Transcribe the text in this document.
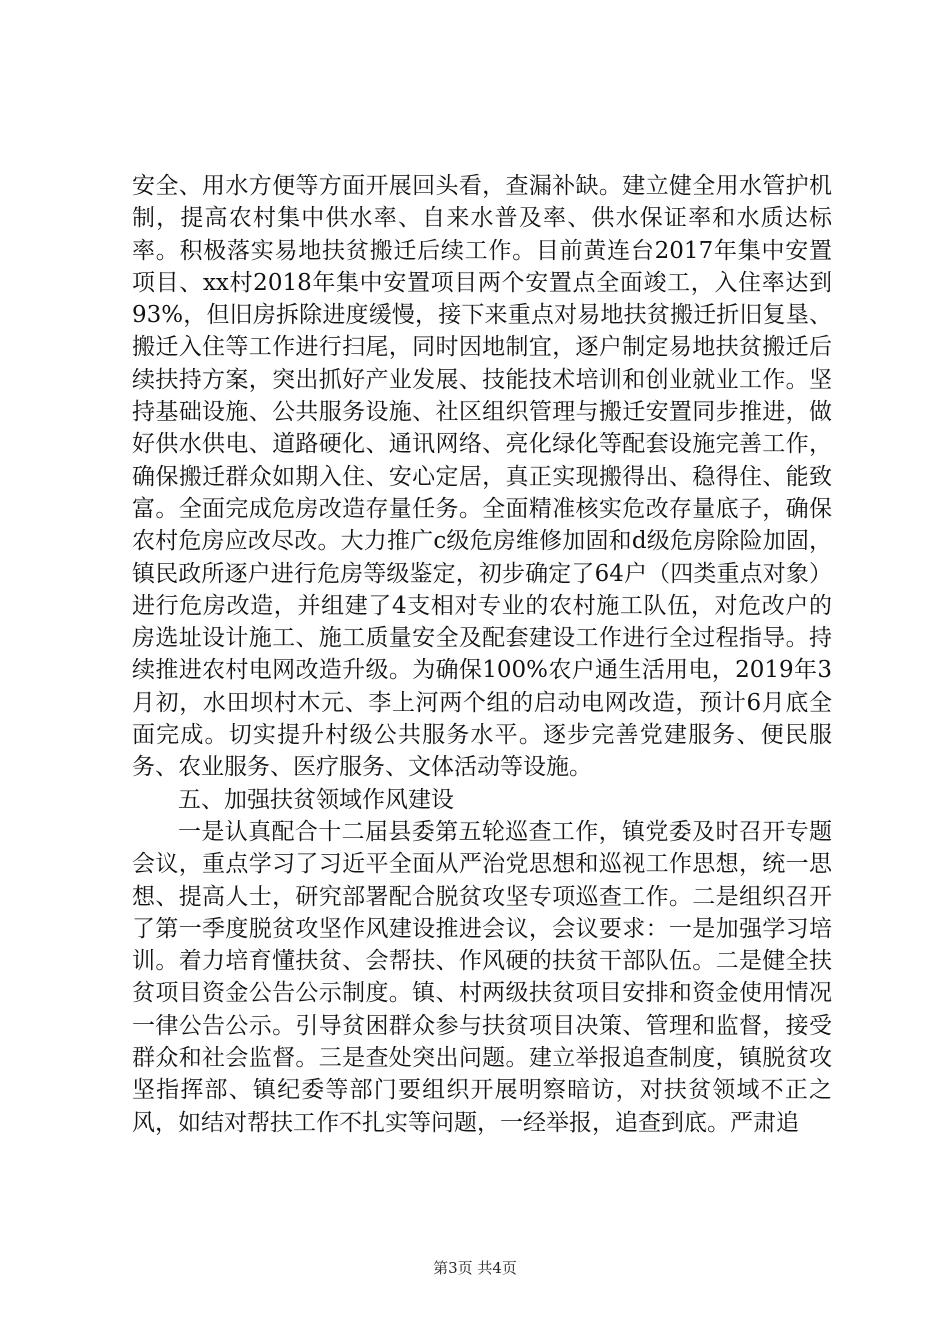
安全、用水方便等方面开展回头看，查漏补缺。建立健全用水管护机制，提高农村集中供水率、自来水普及率、供水保证率和水质达标率。积极落实易地扶贫搬迁后续工作。目前黄连台2017年集中安置项目、xx村2018年集中安置项目两个安置点全面竣工，入住率达到93%，但旧房拆除进度缓慢，接下来重点对易地扶贫搬迁折旧复垦、搬迁入住等工作进行扫尾，同时因地制宜，逐户制定易地扶贫搬迁后续扶持方案，突出抓好产业发展、技能技术培训和创业就业工作。坚持基础设施、公共服务设施、社区组织管理与搬迁安置同步推进，做好供水供电、道路硬化、通讯网络、亮化绿化等配套设施完善工作，确保搬迁群众如期入住、安心定居，真正实现搬得出、稳得住、能致富。全面完成危房改造存量任务。全面精准核实危改存量底子，确保农村危房应改尽改。大力推广c级危房维修加固和d级危房除险加固，镇民政所逐户进行危房等级鉴定，初步确定了64户（四类重点对象）进行危房改造，并组建了4支相对专业的农村施工队伍，对危改户的房选址设计施工、施工质量安全及配套建设工作进行全过程指导。持续推进农村电网改造升级。为确保100%农户通生活用电，2019年3月初，水田坝村木元、李上河两个组的启动电网改造，预计6月底全面完成。切实提升村级公共服务水平。逐步完善党建服务、便民服务、农业服务、医疗服务、文体活动等设施。

五、加强扶贫领域作风建设

一是认真配合十二届县委第五轮巡查工作，镇党委及时召开专题会议，重点学习了习近平全面从严治党思想和巡视工作思想，统一思想、提高人士，研究部署配合脱贫攻坚专项巡查工作。二是组织召开了第一季度脱贫攻坚作风建设推进会议，会议要求：一是加强学习培训。着力培育懂扶贫、会帮扶、作风硬的扶贫干部队伍。二是健全扶贫项目资金公告公示制度。镇、村两级扶贫项目安排和资金使用情况一律公告公示。引导贫困群众参与扶贫项目决策、管理和监督，接受群众和社会监督。三是查处突出问题。建立举报追查制度，镇脱贫攻坚指挥部、镇纪委等部门要组织开展明察暗访，对扶贫领域不正之风，如结对帮扶工作不扎实等问题，一经举报，追查到底。严肃追

第3页 共4页
